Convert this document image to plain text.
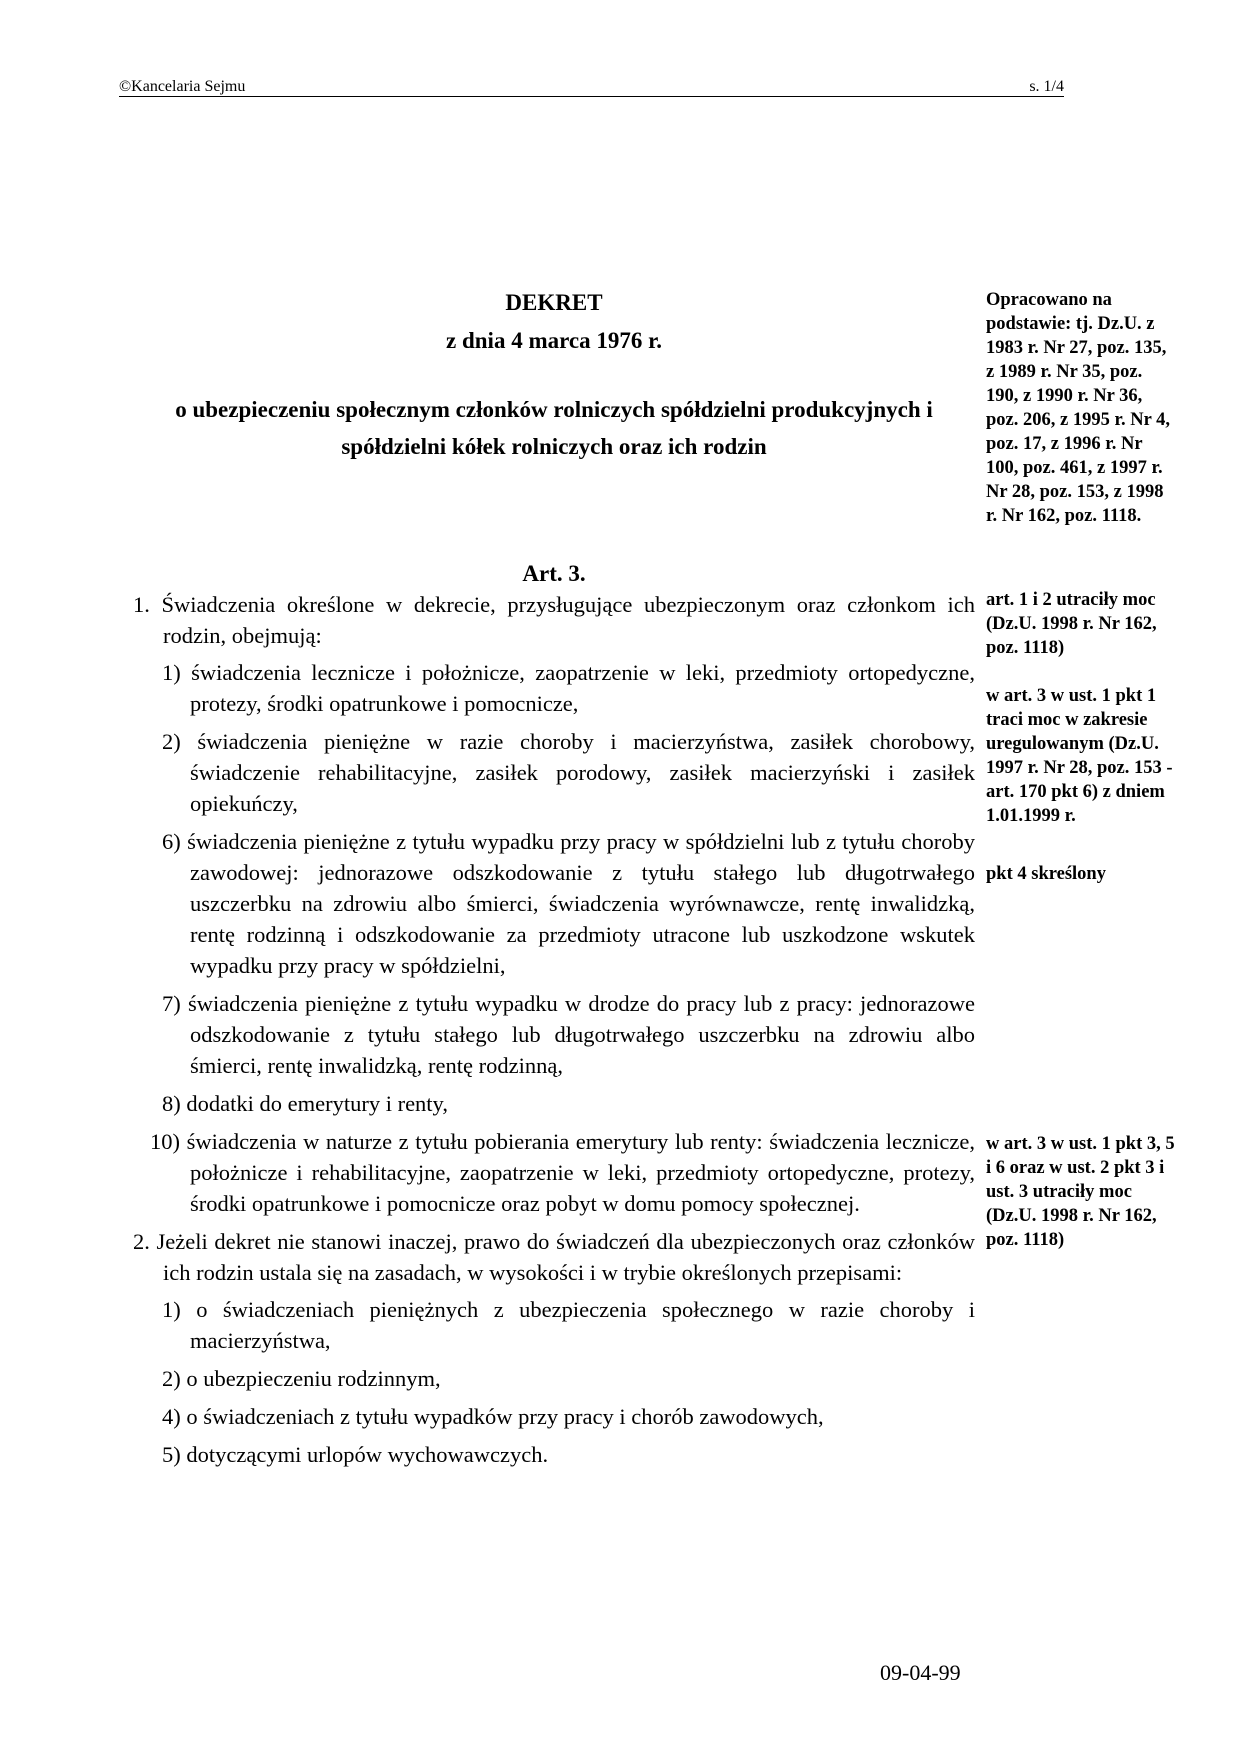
©Kancelaria Sejmu	s. 1/4

DEKRET

z dnia 4 marca 1976 r.

o ubezpieczeniu społecznym członków rolniczych spółdzielni produkcyjnych i
spółdzielni kółek rolniczych oraz ich rodzin

Art. 3.

1. Świadczenia określone w dekrecie, przysługujące ubezpieczonym oraz członkom ich rodzin, obejmują:

1) świadczenia lecznicze i położnicze, zaopatrzenie w leki, przedmioty ortopedyczne, protezy, środki opatrunkowe i pomocnicze,

2) świadczenia pieniężne w razie choroby i macierzyństwa, zasiłek chorobowy, świadczenie rehabilitacyjne, zasiłek porodowy, zasiłek macierzyński i zasiłek opiekuńczy,

6) świadczenia pieniężne z tytułu wypadku przy pracy w spółdzielni lub z tytułu choroby zawodowej: jednorazowe odszkodowanie z tytułu stałego lub długotrwałego uszczerbku na zdrowiu albo śmierci, świadczenia wyrównawcze, rentę inwalidzką, rentę rodzinną i odszkodowanie za przedmioty utracone lub uszkodzone wskutek wypadku przy pracy w spółdzielni,

7) świadczenia pieniężne z tytułu wypadku w drodze do pracy lub z pracy: jednorazowe odszkodowanie z tytułu stałego lub długotrwałego uszczerbku na zdrowiu albo śmierci, rentę inwalidzką, rentę rodzinną,

8) dodatki do emerytury i renty,

10) świadczenia w naturze z tytułu pobierania emerytury lub renty: świadczenia lecznicze, położnicze i rehabilitacyjne, zaopatrzenie w leki, przedmioty ortopedyczne, protezy, środki opatrunkowe i pomocnicze oraz pobyt w domu pomocy społecznej.

2. Jeżeli dekret nie stanowi inaczej, prawo do świadczeń dla ubezpieczonych oraz członków ich rodzin ustala się na zasadach, w wysokości i w trybie określonych przepisami:

1) o świadczeniach pieniężnych z ubezpieczenia społecznego w razie choroby i macierzyństwa,

2) o ubezpieczeniu rodzinnym,

4) o świadczeniach z tytułu wypadków przy pracy i chorób zawodowych,

5) dotyczącymi urlopów wychowawczych.

Opracowano na podstawie: tj. Dz.U. z 1983 r. Nr 27, poz. 135, z 1989 r. Nr 35, poz. 190, z 1990 r. Nr 36, poz. 206, z 1995 r. Nr 4, poz. 17, z 1996 r. Nr 100, poz. 461, z 1997 r. Nr 28, poz. 153, z 1998 r. Nr 162, poz. 1118.

art. 1 i 2 utraciły moc (Dz.U. 1998 r. Nr 162, poz. 1118)

w art. 3 w ust. 1 pkt 1 traci moc w zakresie uregulowanym (Dz.U. 1997 r. Nr 28, poz. 153 - art. 170 pkt 6) z dniem 1.01.1999 r.

pkt 4 skreślony

w art. 3 w ust. 1 pkt 3, 5 i 6 oraz w ust. 2 pkt 3 i ust. 3 utraciły moc (Dz.U. 1998 r. Nr 162, poz. 1118)

09-04-99
